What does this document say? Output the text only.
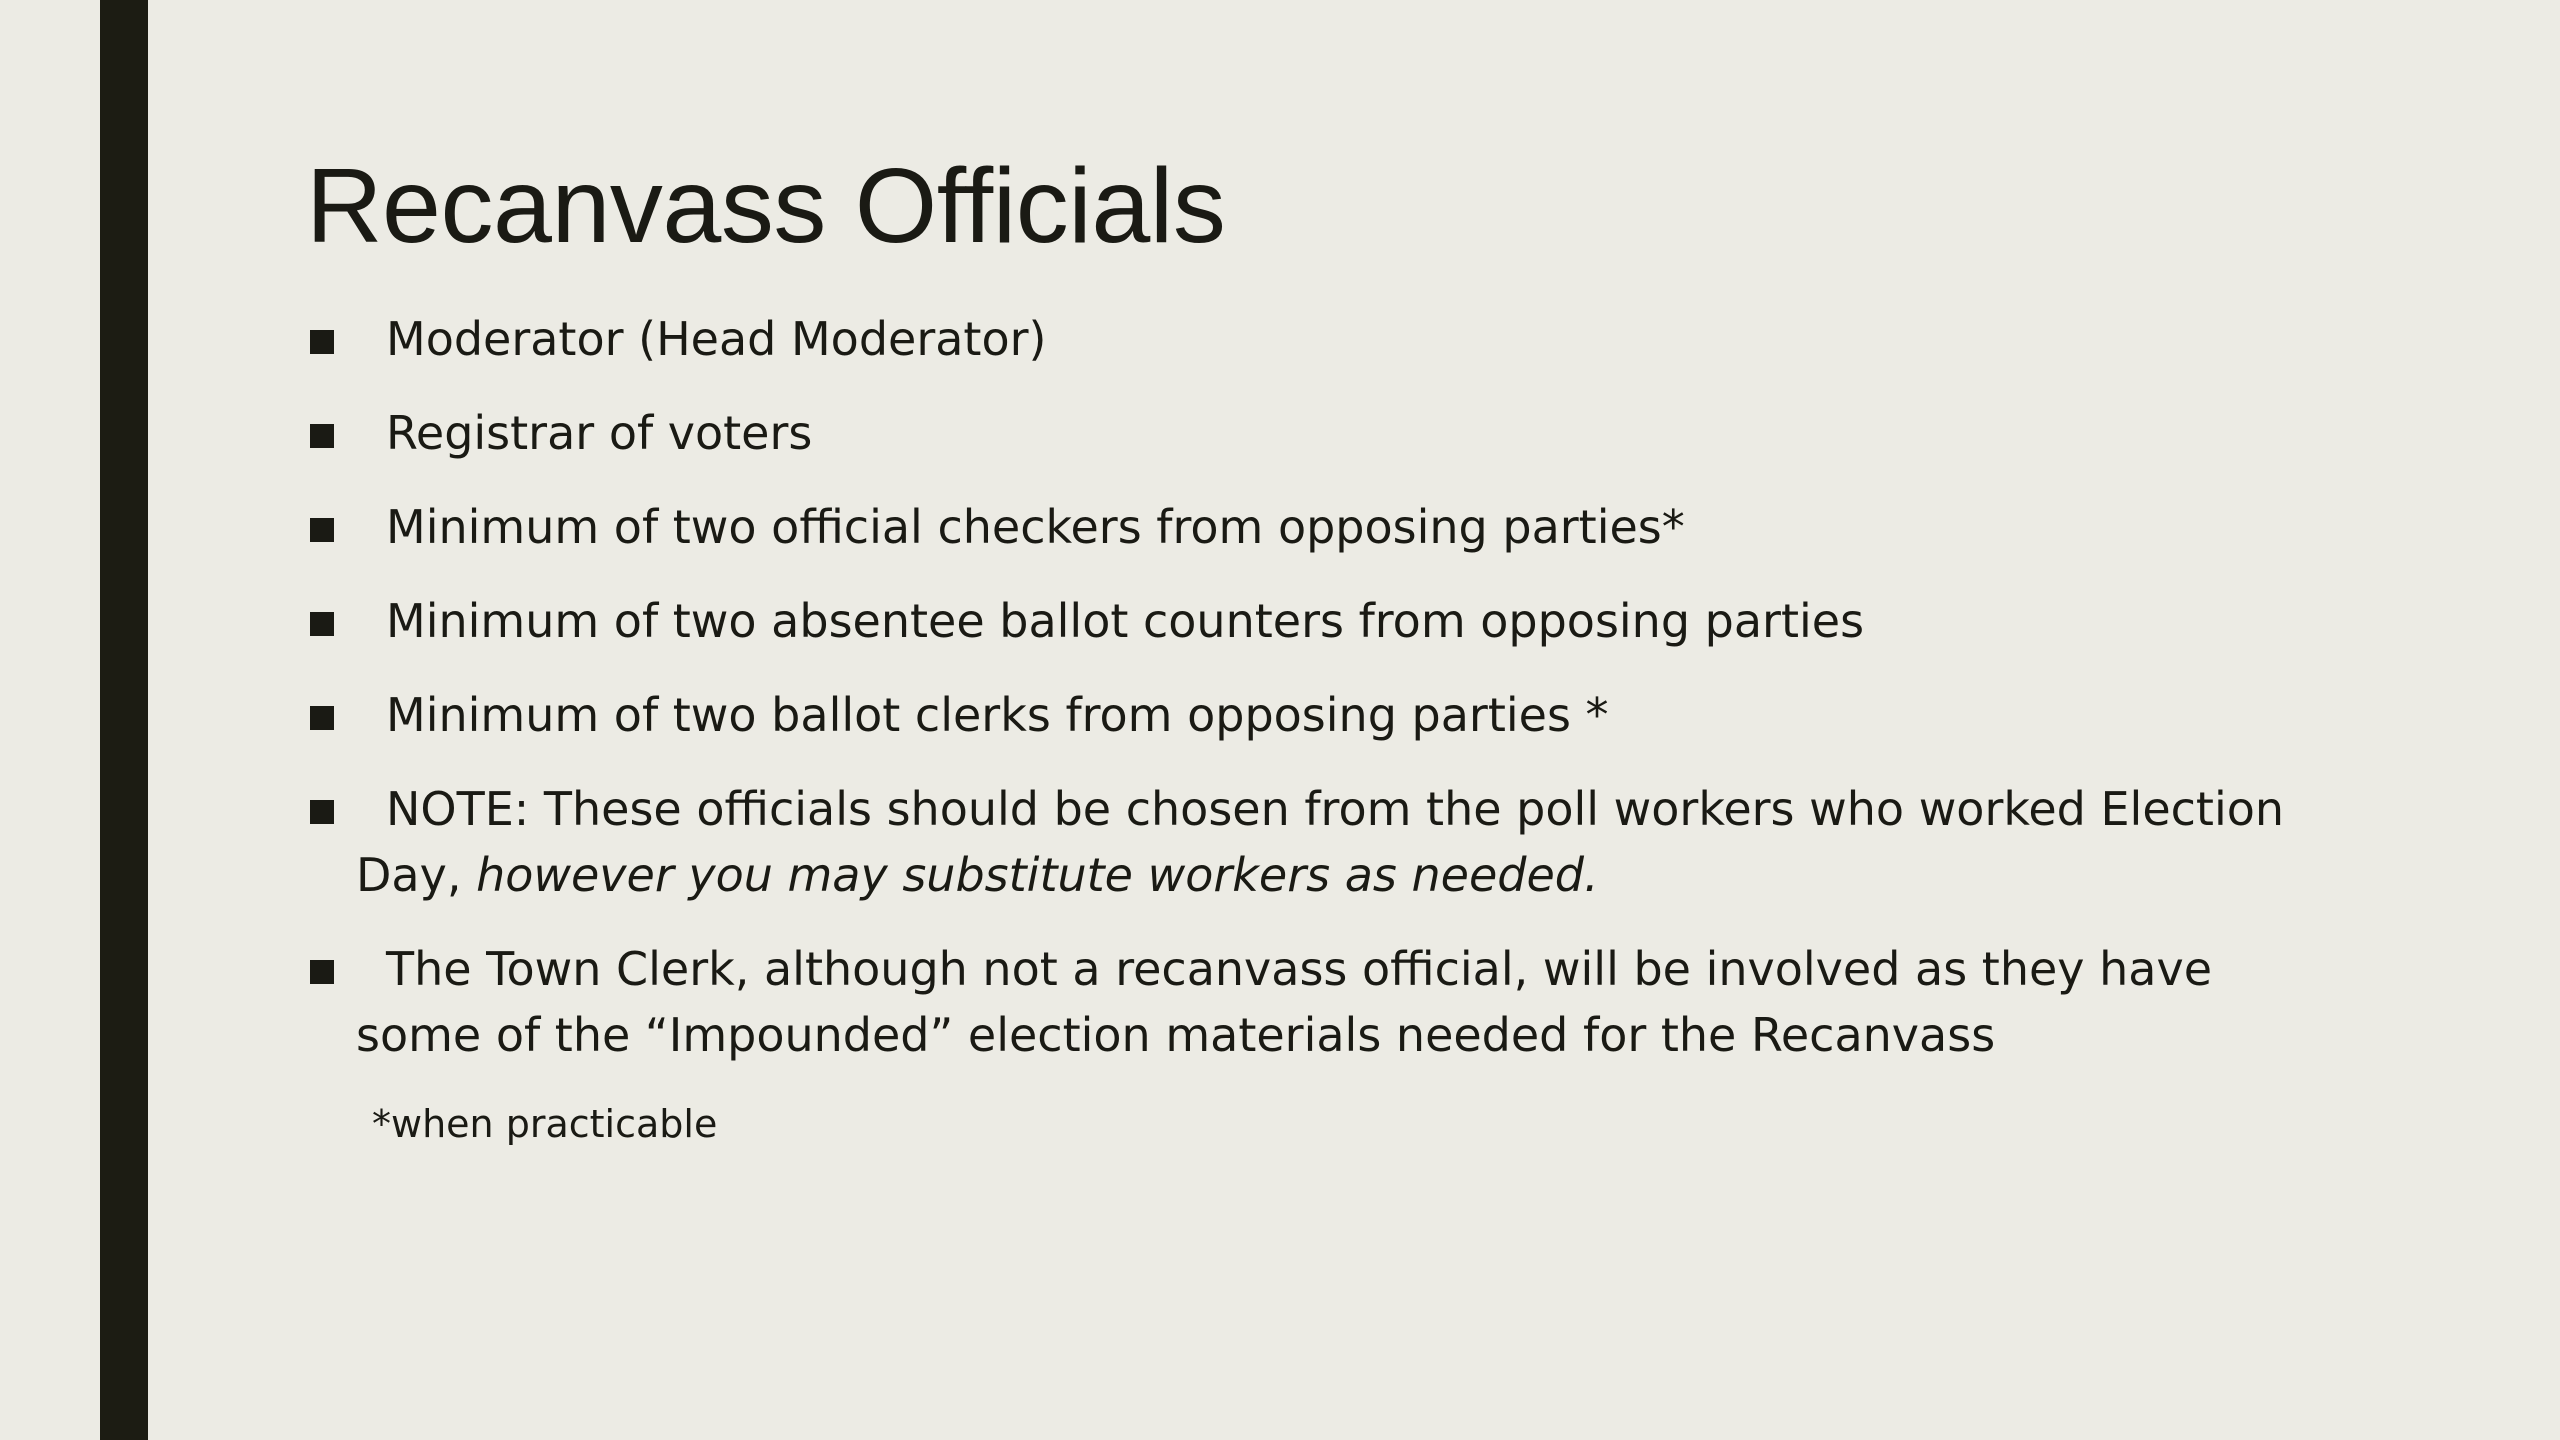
Recanvass Officials
Moderator (Head Moderator)
Registrar of voters
Minimum of two official checkers from opposing parties*
Minimum of two absentee ballot counters from opposing parties
Minimum of two ballot clerks from opposing parties *
NOTE: These officials should be chosen from the poll workers who worked Election Day, however you may substitute workers as needed.
The Town Clerk, although not a recanvass official, will be involved as they have some of the “Impounded” election materials needed for the Recanvass

*when practicable
